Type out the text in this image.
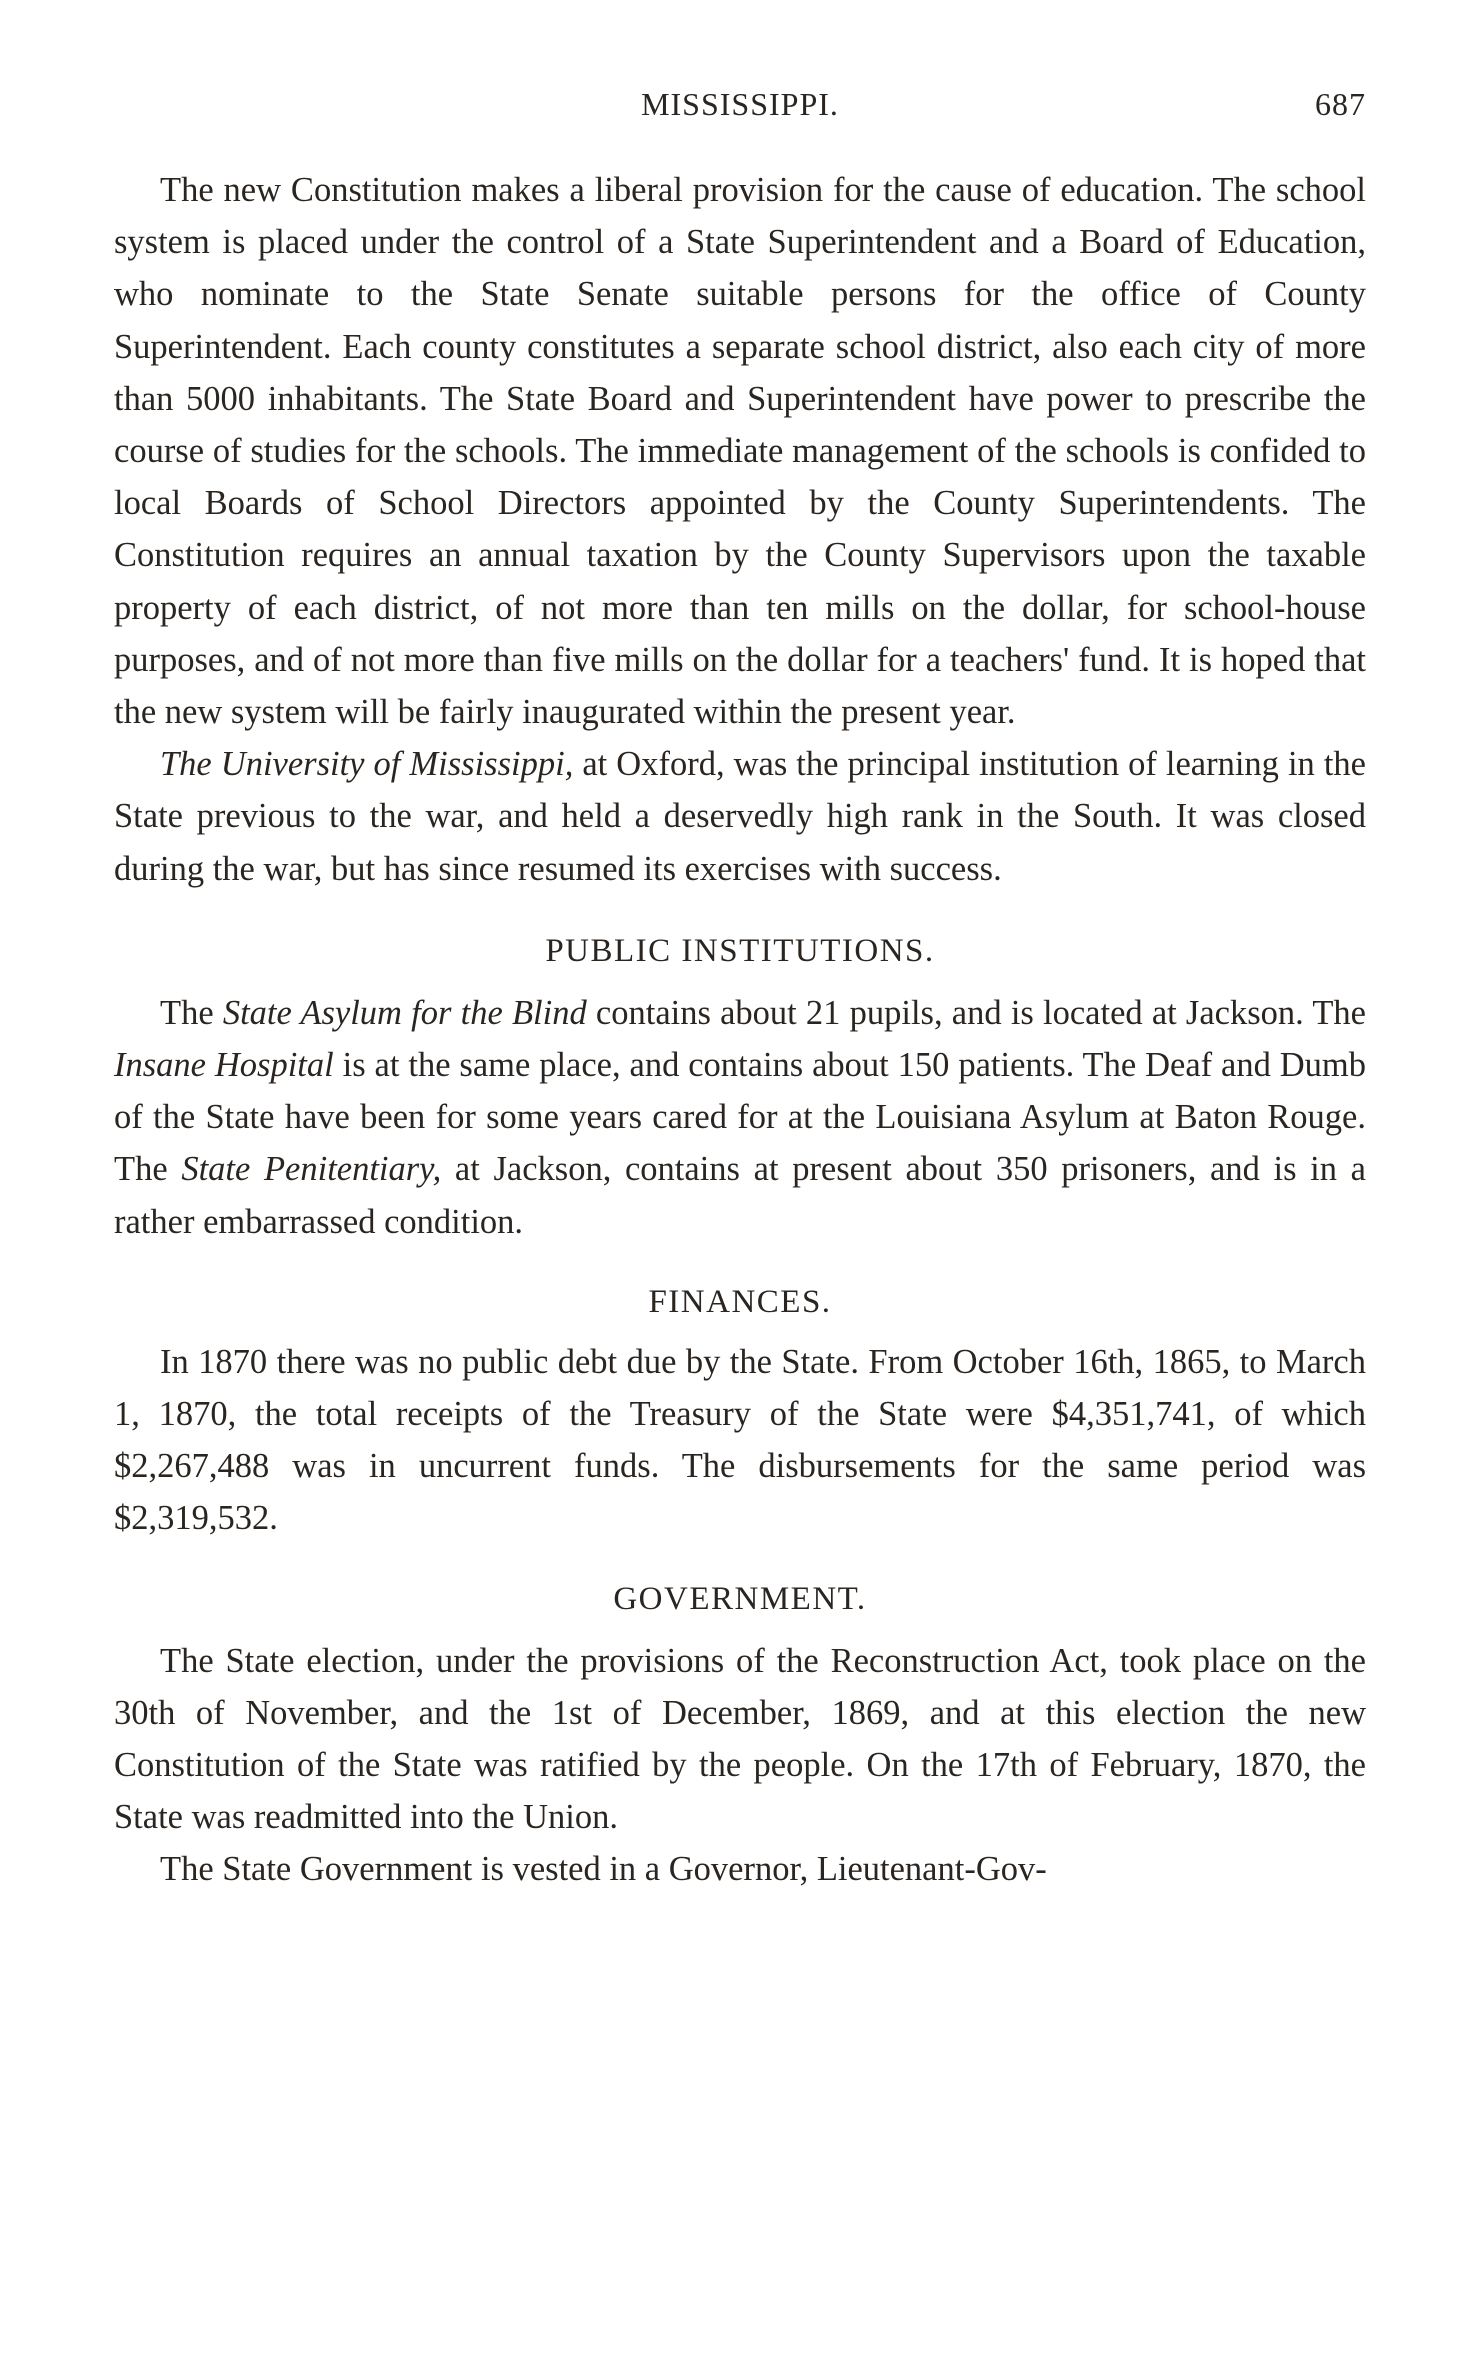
MISSISSIPPI.	687

The new Constitution makes a liberal provision for the cause of education. The school system is placed under the control of a State Superintendent and a Board of Education, who nominate to the State Senate suitable persons for the office of County Superintendent. Each county constitutes a separate school district, also each city of more than 5000 inhabitants. The State Board and Superintendent have power to prescribe the course of studies for the schools. The immediate management of the schools is confided to local Boards of School Directors appointed by the County Superintendents. The Constitution requires an annual taxation by the County Supervisors upon the taxable property of each district, of not more than ten mills on the dollar, for school-house purposes, and of not more than five mills on the dollar for a teachers' fund. It is hoped that the new system will be fairly inaugurated within the present year.

The University of Mississippi, at Oxford, was the principal institution of learning in the State previous to the war, and held a deservedly high rank in the South. It was closed during the war, but has since resumed its exercises with success.

PUBLIC INSTITUTIONS.

The State Asylum for the Blind contains about 21 pupils, and is located at Jackson. The Insane Hospital is at the same place, and contains about 150 patients. The Deaf and Dumb of the State have been for some years cared for at the Louisiana Asylum at Baton Rouge. The State Penitentiary, at Jackson, contains at present about 350 prisoners, and is in a rather embarrassed condition.

FINANCES.

In 1870 there was no public debt due by the State. From October 16th, 1865, to March 1, 1870, the total receipts of the Treasury of the State were $4,351,741, of which $2,267,488 was in uncurrent funds. The disbursements for the same period was $2,319,532.

GOVERNMENT.

The State election, under the provisions of the Reconstruction Act, took place on the 30th of November, and the 1st of December, 1869, and at this election the new Constitution of the State was ratified by the people. On the 17th of February, 1870, the State was readmitted into the Union.

The State Government is vested in a Governor, Lieutenant-Gov-
